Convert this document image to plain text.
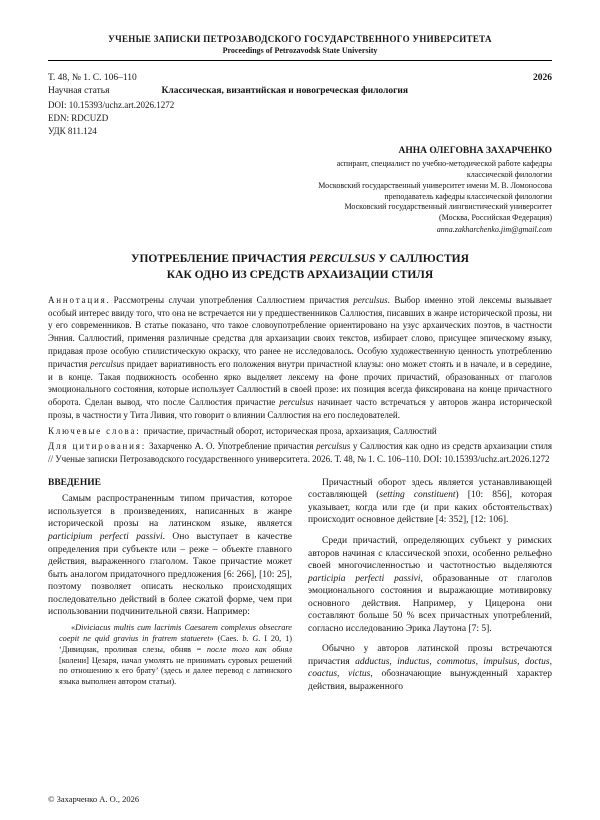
УЧЕНЫЕ ЗАПИСКИ ПЕТРОЗАВОДСКОГО ГОСУДАРСТВЕННОГО УНИВЕРСИТЕТА
Proceedings of Petrozavodsk State University
Т. 48, № 1. С. 106–110	2026
Научная статья	Классическая, византийская и новогреческая филология
DOI: 10.15393/uchz.art.2026.1272
EDN: RDCUZD
УДК 811.124
АННА ОЛЕГОВНА ЗАХАРЧЕНКО
аспирант, специалист по учебно-методической работе кафедры классической филологии
Московский государственный университет имени М. В. Ломоносова
преподаватель кафедры классической филологии
Московский государственный лингвистический университет
(Москва, Российская Федерация)
anna.zakharchenko.jim@gmail.com
УПОТРЕБЛЕНИЕ ПРИЧАСТИЯ PERCULSUS У САЛЛЮСТИЯ
КАК ОДНО ИЗ СРЕДСТВ АРХАИЗАЦИИ СТИЛЯ

Аннотация. Рассмотрены случаи употребления Саллюстием причастия perculsus. Выбор именно этой лексемы вызывает особый интерес ввиду того, что она не встречается ни у предшественников Саллюстия, писавших в жанре исторической прозы, ни у его современников. В статье показано, что такое словоупотребление ориентировано на узус архаических поэтов, в частности Энния. Саллюстий, применяя различные средства для архаизации своих текстов, избирает слово, присущее эпическому языку, придавая прозе особую стилистическую окраску, что ранее не исследовалось. Особую художественную ценность употреблению причастия perculsus придает вариативность его положения внутри причастной клаузы: оно может стоять и в начале, и в середине, и в конце. Такая подвижность особенно ярко выделяет лексему на фоне прочих причастий, образованных от глаголов эмоционального состояния, которые использует Саллюстий в своей прозе: их позиция всегда фиксирована на конце причастного оборота. Сделан вывод, что после Саллюстия причастие perculsus начинает часто встречаться у авторов жанра исторической прозы, в частности у Тита Ливия, что говорит о влиянии Саллюстия на его последователей.

Ключевые слова: причастие, причастный оборот, историческая проза, архаизация, Саллюстий

Для цитирования: Захарченко А. О. Употребление причастия perculsus у Саллюстия как одно из средств архаизации стиля // Ученые записки Петрозаводского государственного университета. 2026. Т. 48, № 1. С. 106–110. DOI: 10.15393/uchz.art.2026.1272

ВВЕДЕНИЕ

Самым распространенным типом причастия, которое используется в произведениях, написанных в жанре исторической прозы на латинском языке, является participium perfecti passivi. Оно выступает в качестве определения при субъекте или – реже – объекте главного действия, выраженного глаголом. Такое причастие может быть аналогом придаточного предложения [6: 266], [10: 25], поэтому позволяет описать несколько происходящих последовательно действий в более сжатой форме, чем при использовании подчинительной связи. Например:

«Diviciacus multis cum lacrimis Caesarem complexus obsecrare coepit ne quid gravius in fratrem statueret» (Caes. b. G. I 20, 1) ‘Дивициак, проливая слезы, обняв = после того как обнял [колени] Цезаря, начал умолять не принимать суровых решений по отношению к его брату’ (здесь и далее перевод с латинского языка выполнен автором статьи).

Причастный оборот здесь является устанавливающей составляющей (setting constituent) [10: 856], которая указывает, когда или где (и при каких обстоятельствах) происходит основное действие [4: 352], [12: 106].

Среди причастий, определяющих субъект у римских авторов начиная с классической эпохи, особенно рельефно своей многочисленностью и частотностью выделяются participia perfecti passivi, образованные от глаголов эмоционального состояния и выражающие мотивировку основного действия. Например, у Цицерона они составляют больше 50 % всех причастных употреблений, согласно исследованию Эрика Лаутона [7: 5].

Обычно у авторов латинской прозы встречаются причастия adductus, inductus, commotus, impulsus, doctus, coactus, victus, обозначающие вынужденный характер действия, выраженного

© Захарченко А. О., 2026
